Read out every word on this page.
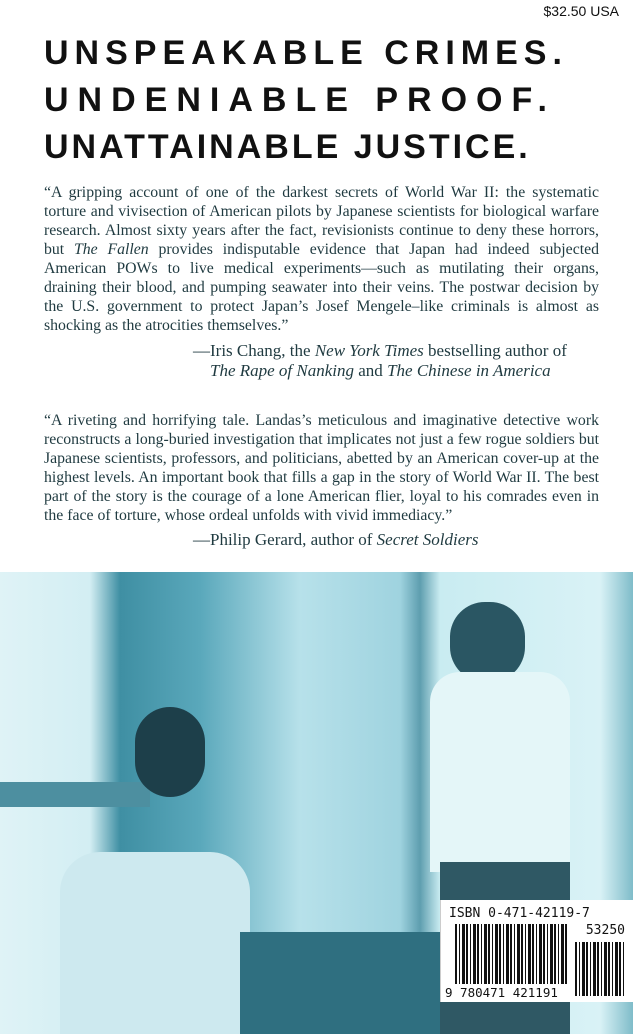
$32.50 USA
UNSPEAKABLE CRIMES.
UNDENIABLE PROOF.
UNATTAINABLE JUSTICE.
“A gripping account of one of the darkest secrets of World War II: the systematic torture and vivisection of American pilots by Japanese scientists for biological warfare research. Almost sixty years after the fact, revisionists continue to deny these horrors, but The Fallen provides indisputable evidence that Japan had indeed subjected American POWs to live medical experiments—such as mutilating their organs, draining their blood, and pumping seawater into their veins. The postwar decision by the U.S. government to protect Japan’s Josef Mengele–like criminals is almost as shocking as the atrocities themselves.”
—Iris Chang, the New York Times bestselling author of
The Rape of Nanking and The Chinese in America
“A riveting and horrifying tale. Landas’s meticulous and imaginative detective work reconstructs a long-buried investigation that implicates not just a few rogue soldiers but Japanese scientists, professors, and politicians, abetted by an American cover-up at the highest levels. An important book that fills a gap in the story of World War II. The best part of the story is the courage of a lone American flier, loyal to his comrades even in the face of torture, whose ordeal unfolds with vivid immediacy.”
—Philip Gerard, author of Secret Soldiers
ISBN 0-471-42119-7
53250
9 780471 421191
